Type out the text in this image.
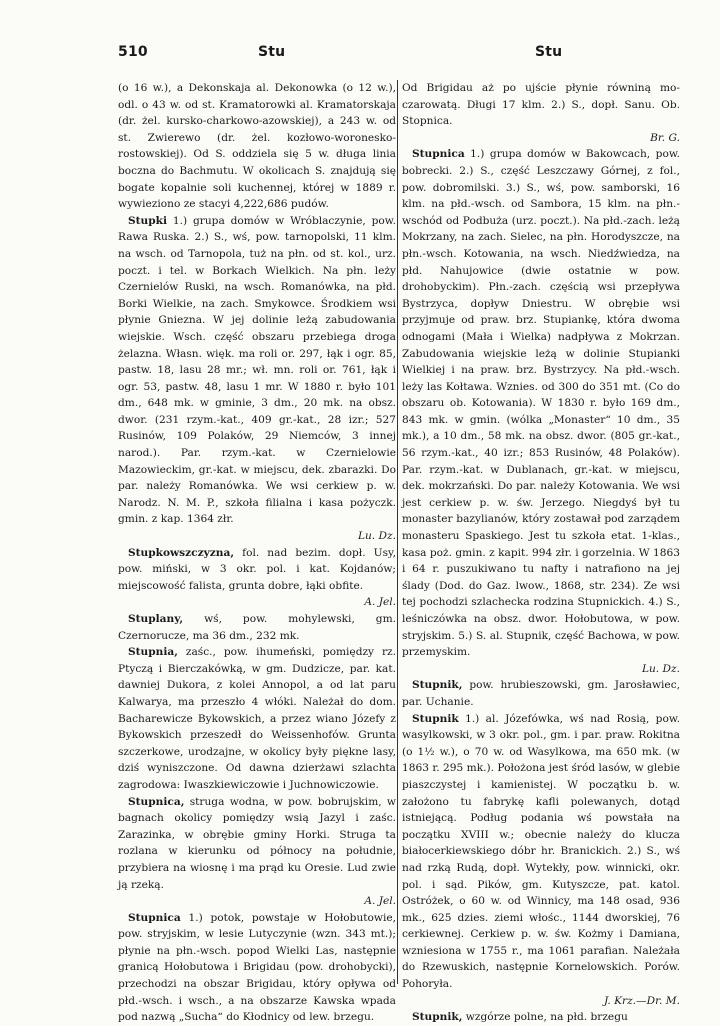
510	Stu	Stu

(o 16 w.), a Dekonskaja al. Dekonowka (o 12 w.), odl. o 43 w. od st. Kramatorowki al. Kramatorskaja (dr. żel. kursko-charkowo-azowskiej), a 243 w. od st. Zwierewo (dr. żel. kozłowo-woronesko-rostowskiej). Od S. oddziela się 5 w. długa linia boczna do Bachmutu. W okolicach S. znajdują się bogate kopalnie soli kuchennej, której w 1889 r. wywieziono ze stacyi 4,222,686 pudów.

Stupki 1.) grupa domów w Wróblaczynie, pow. Rawa Ruska. 2.) S., wś, pow. tarnopolski, 11 klm. na wsch. od Tarnopola, tuż na płn. od st. kol., urz. poczt. i tel. w Borkach Wielkich. Na płn. leży Czernielów Ruski, na wsch. Romanówka, na płd. Borki Wielkie, na zach. Smykowce. Środkiem wsi płynie Gniezna. W jej dolinie leżą zabudowania wiejskie. Wsch. część obszaru przebiega droga żelazna. Własn. więk. ma roli or. 297, łąk i ogr. 85, pastw. 18, lasu 28 mr.; wł. mn. roli or. 761, łąk i ogr. 53, pastw. 48, lasu 1 mr. W 1880 r. było 101 dm., 648 mk. w gminie, 3 dm., 20 mk. na obsz. dwor. (231 rzym.-kat., 409 gr.-kat., 28 izr.; 527 Rusinów, 109 Polaków, 29 Niemców, 3 innej narod.). Par. rzym.-kat. w Czernielowie Mazowieckim, gr.-kat. w miejscu, dek. zbarazki. Do par. należy Romanówka. We wsi cerkiew p. w. Narodz. N. M. P., szkoła filialna i kasa pożyczk. gmin. z kap. 1364 złr.
Lu. Dz.

Stupkowszczyzna, fol. nad bezim. dopł. Usy, pow. miński, w 3 okr. pol. i kat. Kojdanów; miejscowość falista, grunta dobre, łąki obfite.
A. Jel.

Stuplany, wś, pow. mohylewski, gm. Czernorucze, ma 36 dm., 232 mk.

Stupnia, zaśc., pow. ihumeński, pomiędzy rz. Ptyczą i Bierczakówką, w gm. Dudzicze, par. kat. dawniej Dukora, z kolei Annopol, a od lat paru Kalwarya, ma przeszło 4 włóki. Należał do dom. Bacharewicze Bykowskich, a przez wiano Józefy z Bykowskich przeszedł do Weissenhofów. Grunta szczerkowe, urodzajne, w okolicy były piękne lasy, dziś wyniszczone. Od dawna dzierżawi szlachta zagrodowa: Iwaszkiewiczowie i Juchnowiczowie.

Stupnica, struga wodna, w pow. bobrujskim, w bagnach okolicy pomiędzy wsią Jazyl i zaśc. Zarazinka, w obrębie gminy Horki. Struga ta rozlana w kierunku od północy na południe, przybiera na wiosnę i ma prąd ku Oresie. Lud zwie ją rzeką.
A. Jel.

Stupnica 1.) potok, powstaje w Hołobutowie, pow. stryjskim, w lesie Lutyczynie (wzn. 343 mt.); płynie na płn.-wsch. popod Wielki Las, następnie granicą Hołobutowa i Brigidau (pow. drohobycki), przechodzi na obszar Brigidau, który opływa od płd.-wsch. i wsch., a na obszarze Kawska wpada pod nazwą „Sucha“ do Kłodnicy od lew. brzegu.

Od Brigidau aż po ujście płynie równiną mo-czarowatą. Długi 17 klm. 2.) S., dopł. Sanu. Ob. Stopnica.
Br. G.

Stupnica 1.) grupa domów w Bakowcach, pow. bobrecki. 2.) S., część Leszczawy Górnej, z fol., pow. dobromilski. 3.) S., wś, pow. samborski, 16 klm. na płd.-wsch. od Sambora, 15 klm. na płn.-wschód od Podbuża (urz. poczt.). Na płd.-zach. leżą Mokrzany, na zach. Sielec, na płn. Horodyszcze, na płn.-wsch. Kotowania, na wsch. Niedźwiedza, na płd. Nahujowice (dwie ostatnie w pow. drohobyckim). Płn.-zach. częścią wsi przepływa Bystrzyca, dopływ Dniestru. W obrębie wsi przyjmuje od praw. brz. Stupiankę, która dwoma odnogami (Mała i Wielka) nadpływa z Mokrzan. Zabudowania wiejskie leżą w dolinie Stupianki Wielkiej i na praw. brz. Bystrzycy. Na płd.-wsch. leży las Kołtawa. Wznies. od 300 do 351 mt. (Co do obszaru ob. Kotowania). W 1830 r. było 169 dm., 843 mk. w gmin. (wólka „Monaster“ 10 dm., 35 mk.), a 10 dm., 58 mk. na obsz. dwor. (805 gr.-kat., 56 rzym.-kat., 40 izr.; 853 Rusinów, 48 Polaków). Par. rzym.-kat. w Dublanach, gr.-kat. w miejscu, dek. mokrzański. Do par. należy Kotowania. We wsi jest cerkiew p. w. św. Jerzego. Niegdyś był tu monaster bazylianów, który zostawał pod zarządem monasteru Spaskiego. Jest tu szkoła etat. 1-klas., kasa poż. gmin. z kapit. 994 złr. i gorzelnia. W 1863 i 64 r. puszukiwano tu nafty i natrafiono na jej ślady (Dod. do Gaz. lwow., 1868, str. 234). Ze wsi tej pochodzi szlachecka rodzina Stupnickich. 4.) S., leśniczówka na obsz. dwor. Hołobutowa, w pow. stryjskim. 5.) S. al. Stupnik, część Bachowa, w pow. przemyskim.
Lu. Dz.

Stupnik, pow. hrubieszowski, gm. Jarosławiec, par. Uchanie.

Stupnik 1.) al. Józefówka, wś nad Rosią, pow. wasylkowski, w 3 okr. pol., gm. i par. praw. Rokitna (o 1½ w.), o 70 w. od Wasylkowa, ma 650 mk. (w 1863 r. 295 mk.). Położona jest śród lasów, w glebie piaszczystej i kamienistej. W początku b. w. założono tu fabrykę kafli polewanych, dotąd istniejącą. Podług podania wś powstała na początku XVIII w.; obecnie należy do klucza białocerkiewskiego dóbr hr. Branickich. 2.) S., wś nad rzką Rudą, dopł. Wytekły, pow. winnicki, okr. pol. i sąd. Pików, gm. Kutyszcze, pat. katol. Ostróżek, o 60 w. od Winnicy, ma 148 osad, 936 mk., 625 dzies. ziemi włośc., 1144 dworskiej, 76 cerkiewnej. Cerkiew p. w. św. Kożmy i Damiana, wzniesiona w 1755 r., ma 1061 parafian. Należała do Rzewuskich, następnie Kornelowskich. Porów. Pohoryła.
J. Krz.—Dr. M.

Stupnik, wzgórze polne, na płd. brzegu
